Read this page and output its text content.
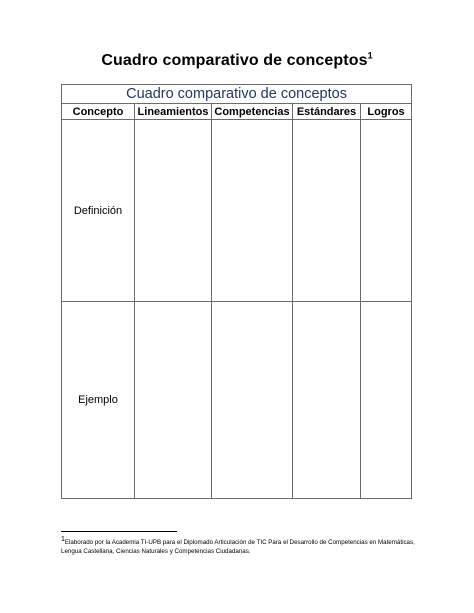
Cuadro comparativo de conceptos$^1$
Cuadro comparativo de conceptos				
Concepto	Lineamientos	Competencias	Estándares	Logros
Definición				
Ejemplo				
$^1$Elaborado por la Academia TI-UPB para el Diplomado Articulación de TIC Para el Desarrollo de Competencias en Matemáticas, Lengua Castellana, Ciencias Naturales y Competencias Ciudadanas.
